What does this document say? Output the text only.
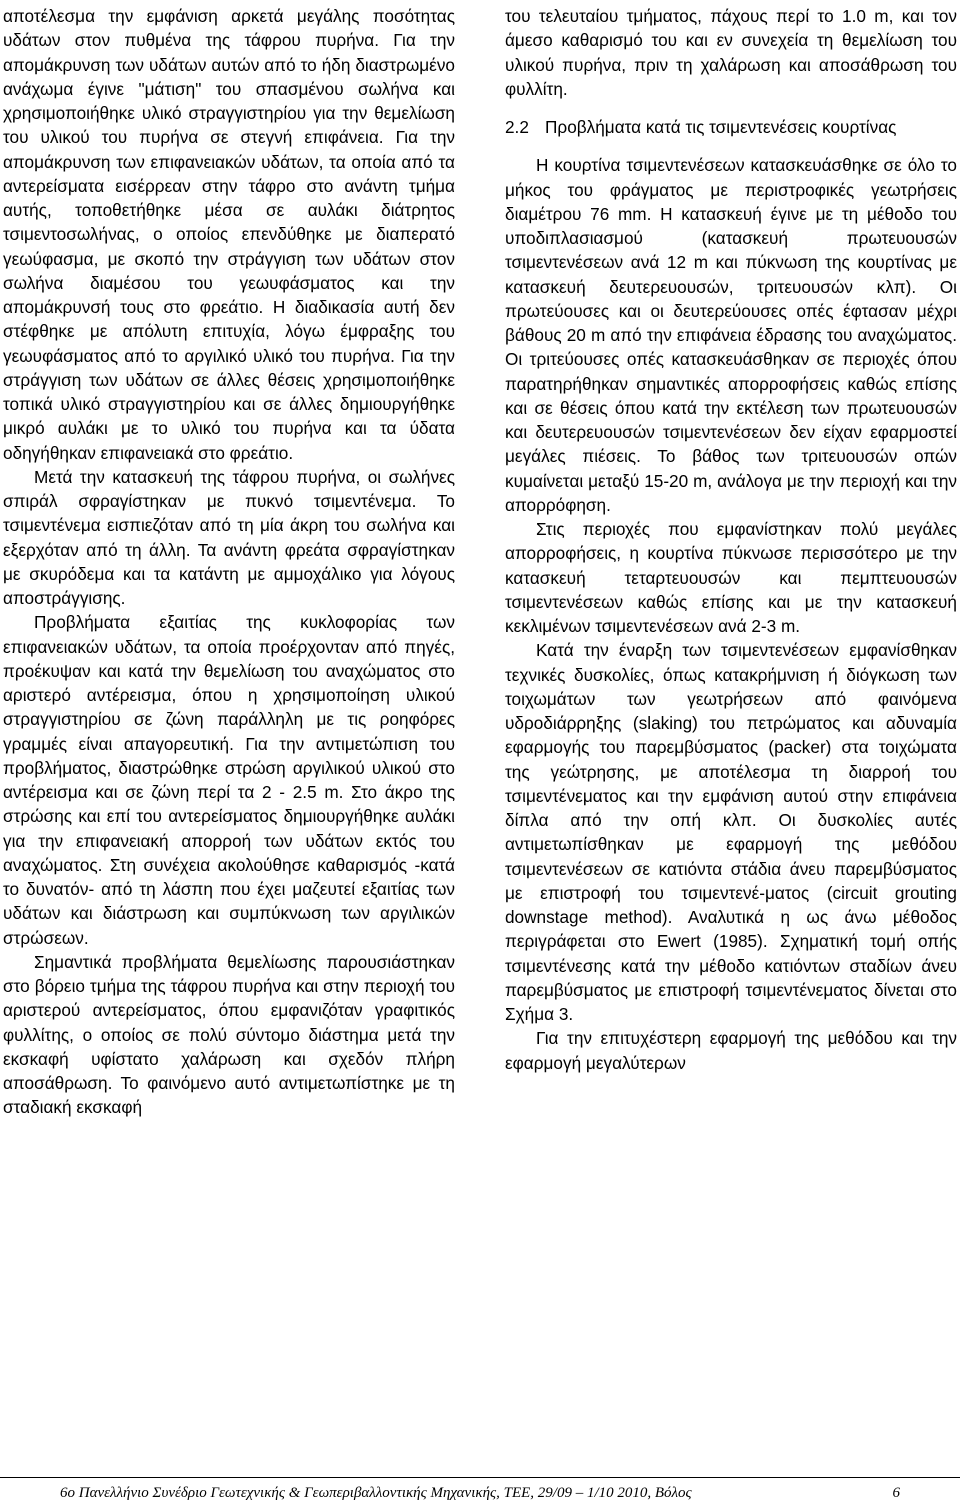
αποτέλεσμα την εμφάνιση αρκετά μεγάλης ποσότητας υδάτων στον πυθμένα της τάφρου πυρήνα. Για την απομάκρυνση των υδάτων αυτών από το ήδη διαστρωμένο ανάχωμα έγινε "μάτιση" του σπασμένου σωλήνα και χρησιμοποιήθηκε υλικό στραγγιστηρίου για την θεμελίωση του υλικού του πυρήνα σε στεγνή επιφάνεια. Για την απομάκρυνση των επιφανειακών υδάτων, τα οποία από τα αντερείσματα εισέρρεαν στην τάφρο στο ανάντη τμήμα αυτής, τοποθετήθηκε μέσα σε αυλάκι διάτρητος τσιμεντοσωλήνας, ο οποίος επενδύθηκε με διαπερατό γεωύφασμα, με σκοπό την στράγγιση των υδάτων στον σωλήνα διαμέσου του γεωυφάσματος και την απομάκρυνσή τους στο φρεάτιο. Η διαδικασία αυτή δεν στέφθηκε με απόλυτη επιτυχία, λόγω έμφραξης του γεωυφάσματος από το αργιλικό υλικό του πυρήνα. Για την στράγγιση των υδάτων σε άλλες θέσεις χρησιμοποιήθηκε τοπικά υλικό στραγγιστηρίου και σε άλλες δημιουργήθηκε μικρό αυλάκι με το υλικό του πυρήνα και τα ύδατα οδηγήθηκαν επιφανειακά στο φρεάτιο.

Μετά την κατασκευή της τάφρου πυρήνα, οι σωλήνες σπιράλ σφραγίστηκαν με πυκνό τσιμεντένεμα. Το τσιμεντένεμα εισπιεζόταν από τη μία άκρη του σωλήνα και εξερχόταν από τη άλλη. Τα ανάντη φρεάτα σφραγίστηκαν με σκυρόδεμα και τα κατάντη με αμμοχάλικο για λόγους αποστράγγισης.

Προβλήματα εξαιτίας της κυκλοφορίας των επιφανειακών υδάτων, τα οποία προέρχονταν από πηγές, προέκυψαν και κατά την θεμελίωση του αναχώματος στο αριστερό αντέρεισμα, όπου η χρησιμοποίηση υλικού στραγγιστηρίου σε ζώνη παράλληλη με τις ροηφόρες γραμμές είναι απαγορευτική. Για την αντιμετώπιση του προβλήματος, διαστρώθηκε στρώση αργιλικού υλικού στο αντέρεισμα και σε ζώνη περί τα 2 - 2.5 m. Στο άκρο της στρώσης και επί του αντερείσματος δημιουργήθηκε αυλάκι για την επιφανειακή απορροή των υδάτων εκτός του αναχώματος. Στη συνέχεια ακολούθησε καθαρισμός -κατά το δυνατόν- από τη λάσπη που έχει μαζευτεί εξαιτίας των υδάτων και διάστρωση και συμπύκνωση των αργιλικών στρώσεων.

Σημαντικά προβλήματα θεμελίωσης παρουσιάστηκαν στο βόρειο τμήμα της τάφρου πυρήνα και στην περιοχή του αριστερού αντερείσματος, όπου εμφανιζόταν γραφιτικός φυλλίτης, ο οποίος σε πολύ σύντομο διάστημα μετά την εκσκαφή υφίστατο χαλάρωση και σχεδόν πλήρη αποσάθρωση. Το φαινόμενο αυτό αντιμετωπίστηκε με τη σταδιακή εκσκαφή

του τελευταίου τμήματος, πάχους περί το 1.0 m, και τον άμεσο καθαρισμό του και εν συνεχεία τη θεμελίωση του υλικού πυρήνα, πριν τη χαλάρωση και αποσάθρωση του φυλλίτη.

2.2 Προβλήματα κατά τις τσιμεντενέσεις κουρτίνας

Η κουρτίνα τσιμεντενέσεων κατασκευάσθηκε σε όλο το μήκος του φράγματος με περιστροφικές γεωτρήσεις διαμέτρου 76 mm. Η κατασκευή έγινε με τη μέθοδο του υποδιπλασιασμού (κατασκευή πρωτευουσών τσιμεντενέσεων ανά 12 m και πύκνωση της κουρτίνας με κατασκευή δευτερευουσών, τριτευουσών κλπ). Οι πρωτεύουσες και οι δευτερεύουσες οπές έφτασαν μέχρι βάθους 20 m από την επιφάνεια έδρασης του αναχώματος. Οι τριτεύουσες οπές κατασκευάσθηκαν σε περιοχές όπου παρατηρήθηκαν σημαντικές απορροφήσεις καθώς επίσης και σε θέσεις όπου κατά την εκτέλεση των πρωτευουσών και δευτερευουσών τσιμεντενέσεων δεν είχαν εφαρμοστεί μεγάλες πιέσεις. Το βάθος των τριτευουσών οπών κυμαίνεται μεταξύ 15-20 m, ανάλογα με την περιοχή και την απορρόφηση.

Στις περιοχές που εμφανίστηκαν πολύ μεγάλες απορροφήσεις, η κουρτίνα πύκνωσε περισσότερο με την κατασκευή τεταρτευουσών και πεμπτευουσών τσιμεντενέσεων καθώς επίσης και με την κατασκευή κεκλιμένων τσιμεντενέσεων ανά 2-3 m.

Κατά την έναρξη των τσιμεντενέσεων εμφανίσθηκαν τεχνικές δυσκολίες, όπως κατακρήμνιση ή διόγκωση των τοιχωμάτων των γεωτρήσεων από φαινόμενα υδροδιάρρηξης (slaking) του πετρώματος και αδυναμία εφαρμογής του παρεμβύσματος (packer) στα τοιχώματα της γεώτρησης, με αποτέλεσμα τη διαρροή του τσιμεντένεματος και την εμφάνιση αυτού στην επιφάνεια δίπλα από την οπή κλπ. Οι δυσκολίες αυτές αντιμετωπίσθηκαν με εφαρμογή της μεθόδου τσιμεντενέσεων σε κατιόντα στάδια άνευ παρεμβύσματος με επιστροφή του τσιμεντενέ-ματος (circuit grouting downstage method). Αναλυτικά η ως άνω μέθοδος περιγράφεται στο Ewert (1985). Σχηματική τομή οπής τσιμεντένεσης κατά την μέθοδο κατιόντων σταδίων άνευ παρεμβύσματος με επιστροφή τσιμεντένεματος δίνεται στο Σχήμα 3.

Για την επιτυχέστερη εφαρμογή της μεθόδου και την εφαρμογή μεγαλύτερων

6ο Πανελλήνιο Συνέδριο Γεωτεχνικής & Γεωπεριβαλλοντικής Μηχανικής, ΤΕΕ, 29/09 – 1/10 2010, Βόλος	6
